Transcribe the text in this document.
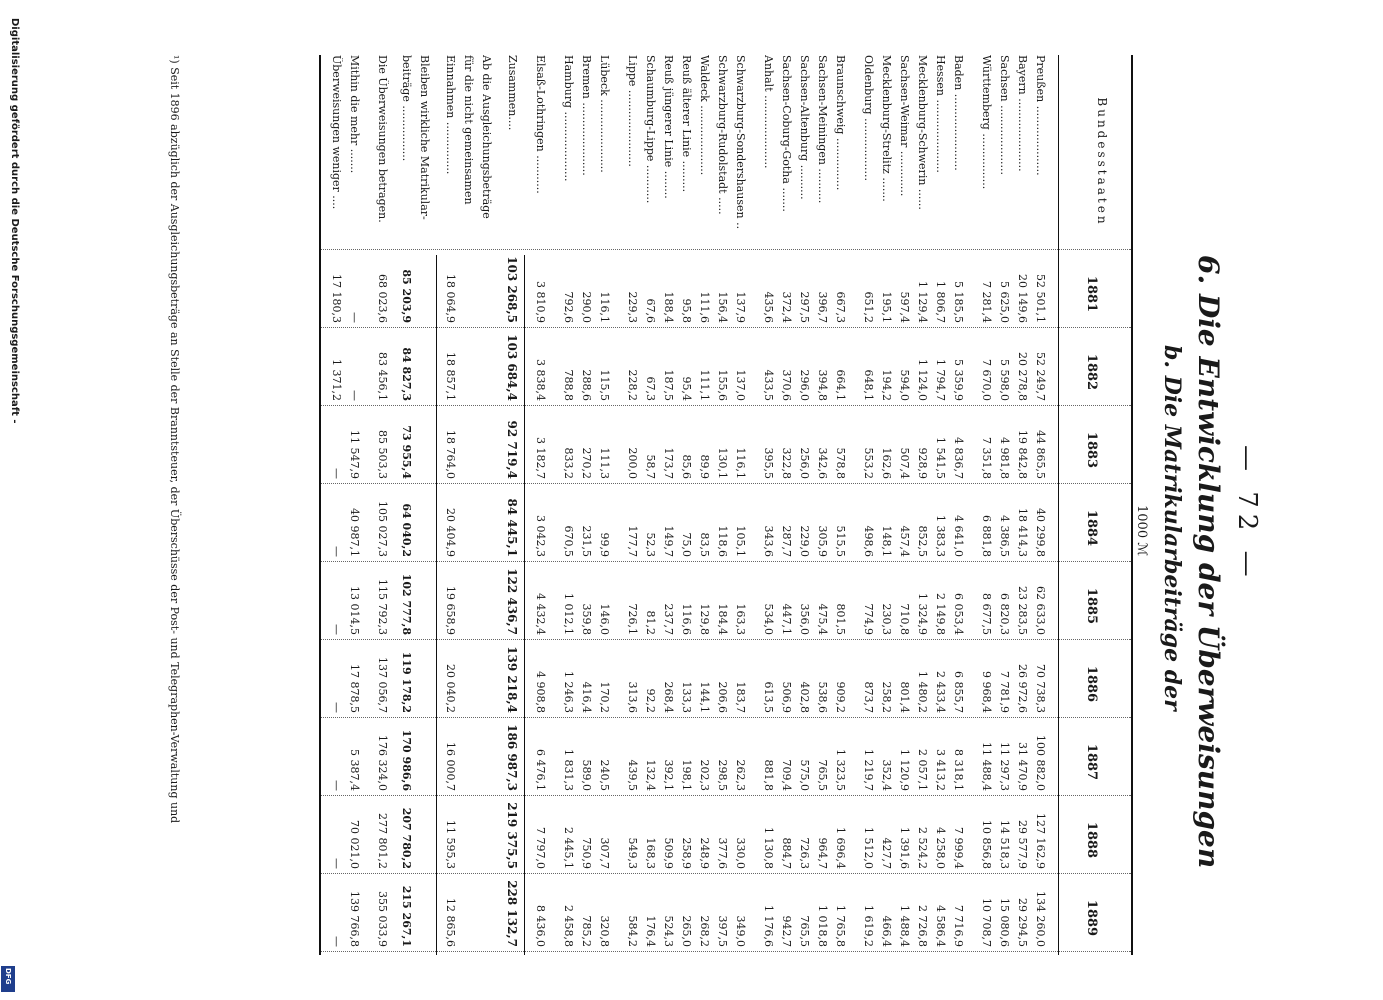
Digitalisierung gefördert durch die Deutsche Forschungsgemeinschaft -
DFG
— 72 —
6. Die Entwicklung der Überweisungen
b. Die Matrikularbeiträge der
1000 ℳ
Bundesstaaten
1881
1882
1883
1884
1885
1886
1887
1888
1889
Preußen ....................
52 501,1
52 249,7
44 865,5
40 299,8
62 633,0
70 738,3
100 882,0
127 162,9
134 260,0
Bayern .....................
20 149,6
20 278,8
19 842,8
18 414,3
23 283,5
26 972,6
31 470,9
29 577,9
29 294,5
Sachsen ....................
5 625,0
5 598,0
4 981,8
4 386,5
6 820,3
7 781,9
11 297,3
14 518,3
15 080,6
Württemberg ................
7 281,4
7 670,0
7 351,8
6 881,8
8 677,5
9 968,4
11 488,4
10 856,8
10 708,7
Baden ......................
5 185,5
5 359,9
4 836,7
4 641,0
6 053,4
6 855,7
8 318,1
7 999,4
7 716,9
Hessen .....................
1 806,7
1 794,7
1 541,5
1 383,3
2 149,8
2 433,4
3 413,2
4 258,0
4 586,4
Mecklenburg-Schwerin ......
1 129,4
1 124,0
928,9
852,5
1 324,9
1 480,2
2 057,1
2 524,2
2 726,8
Sachsen-Weimar .............
597,4
594,0
507,4
457,4
710,8
801,4
1 120,9
1 391,6
1 488,4
Mecklenburg-Strelitz .......
195,1
194,2
162,6
148,1
230,3
258,2
352,4
427,7
466,4
Oldenburg ..................
651,2
648,1
553,2
498,6
774,9
873,7
1 219,7
1 512,0
1 619,2
Braunschweig ...............
667,3
664,1
578,8
515,5
801,5
909,2
1 323,5
1 696,4
1 765,8
Sachsen-Meiningen ..........
396,7
394,8
342,6
305,9
475,4
538,6
765,5
964,7
1 018,8
Sachsen-Altenburg ..........
297,5
296,0
256,0
229,0
356,0
402,8
575,0
726,3
765,5
Sachsen-Coburg-Gotha .......
372,4
370,6
322,8
287,7
447,1
506,9
709,4
884,7
942,7
Anhalt .....................
435,6
433,5
395,5
343,6
534,0
613,5
881,8
1 130,8
1 176,6
Schwarzburg-Sondershausen ..
137,9
137,0
116,1
105,1
163,3
183,7
262,3
330,0
349,0
Schwarzburg-Rudolstadt .....
156,4
155,6
130,1
118,6
184,4
206,6
298,5
377,6
397,5
Waldeck ....................
111,6
111,1
89,9
83,5
129,8
144,1
202,3
248,9
268,2
Reuß älterer Linie .........
95,8
95,4
85,6
75,0
116,6
133,3
198,1
258,9
265,0
Reuß jüngerer Linie ........
188,4
187,5
173,7
149,7
237,7
268,4
392,1
509,9
524,3
Schaumburg-Lippe ...........
67,6
67,3
58,7
52,3
81,2
92,2
132,4
168,3
176,4
Lippe ......................
229,3
228,2
200,0
177,7
726,1
313,6
439,5
549,3
584,2
Lübeck .....................
116,1
115,5
111,3
99,9
146,0
170,2
240,5
307,7
320,8
Bremen .....................
290,0
288,6
270,2
231,5
359,8
416,4
589,0
750,9
785,2
Hamburg ....................
792,6
788,8
833,2
670,5
1 012,1
1 246,3
1 831,3
2 445,1
2 458,8
Elsaß-Lothringen ...........
3 810,9
3 838,4
3 182,7
3 042,3
4 432,4
4 908,8
6 476,1
7 797,0
8 436,0
Zusammen....
103 268,5
103 684,4
92 719,4
84 445,1
122 436,7
139 218,4
186 987,3
219 375,5
228 132,7
Ab die Ausgleichungsbeträge
für die nicht gemeinsamen
Einnahmen ...............
18 064,9
18 857,1
18 764,0
20 404,9
19 658,9
20 040,2
16 000,7
11 595,3
12 865,6
Bleiben wirkliche Matrikular-
beiträge ................
85 203,9
84 827,3
73 955,4
64 040,2
102 777,8
119 178,2
170 986,6
207 780,2
215 267,1
Die Überweisungen betragen.
68 023,6
83 456,1
85 503,3
105 027,3
115 792,3
137 056,7
176 324,0
277 801,2
355 033,9
Mithin die mehr .......
—
—
11 547,9
40 987,1
13 014,5
17 878,5
5 387,4
70 021,0
139 766,8
Überweisungen weniger ....
17 180,3
1 371,2
—
—
—
—
—
—
—
¹) Seit 1896 abzüglich der Ausgleichungsbeträge an Stelle der Branntsteuer, der Überschüsse der Post- und Telegraphen-Verwaltung und
